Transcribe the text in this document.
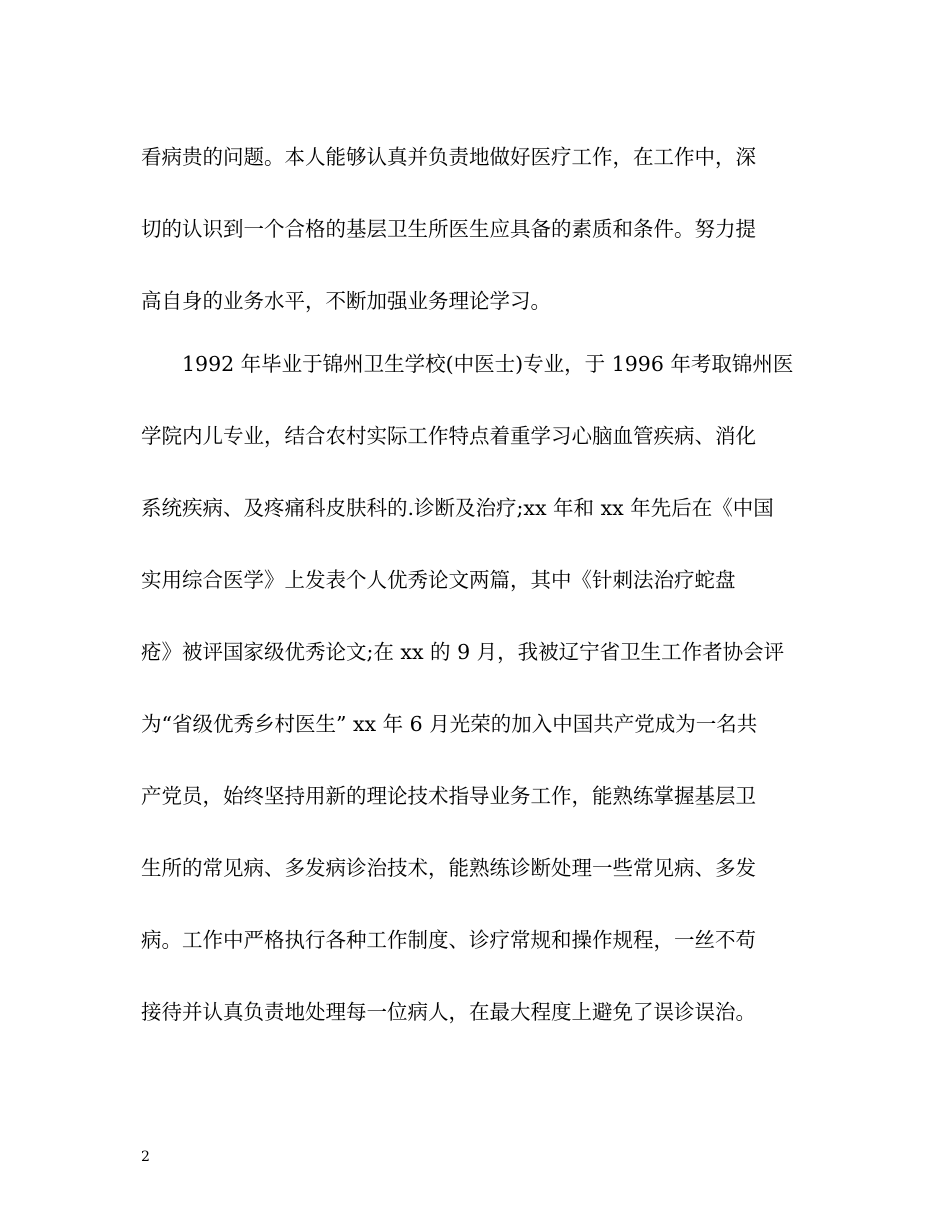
看病贵的问题。本人能够认真并负责地做好医疗工作，在工作中，深
切的认识到一个合格的基层卫生所医生应具备的素质和条件。努力提
高自身的业务水平，不断加强业务理论学习。
　　1992 年毕业于锦州卫生学校(中医士)专业，于 1996 年考取锦州医
学院内儿专业，结合农村实际工作特点着重学习心脑血管疾病、消化
系统疾病、及疼痛科皮肤科的.诊断及治疗;xx 年和 xx 年先后在《中国
实用综合医学》上发表个人优秀论文两篇，其中《针刺法治疗蛇盘
疮》被评国家级优秀论文;在 xx 的 9 月，我被辽宁省卫生工作者协会评
为“省级优秀乡村医生” xx 年 6 月光荣的加入中国共产党成为一名共
产党员，始终坚持用新的理论技术指导业务工作，能熟练掌握基层卫
生所的常见病、多发病诊治技术，能熟练诊断处理一些常见病、多发
病。工作中严格执行各种工作制度、诊疗常规和操作规程，一丝不苟
接待并认真负责地处理每一位病人，在最大程度上避免了误诊误治。
2
